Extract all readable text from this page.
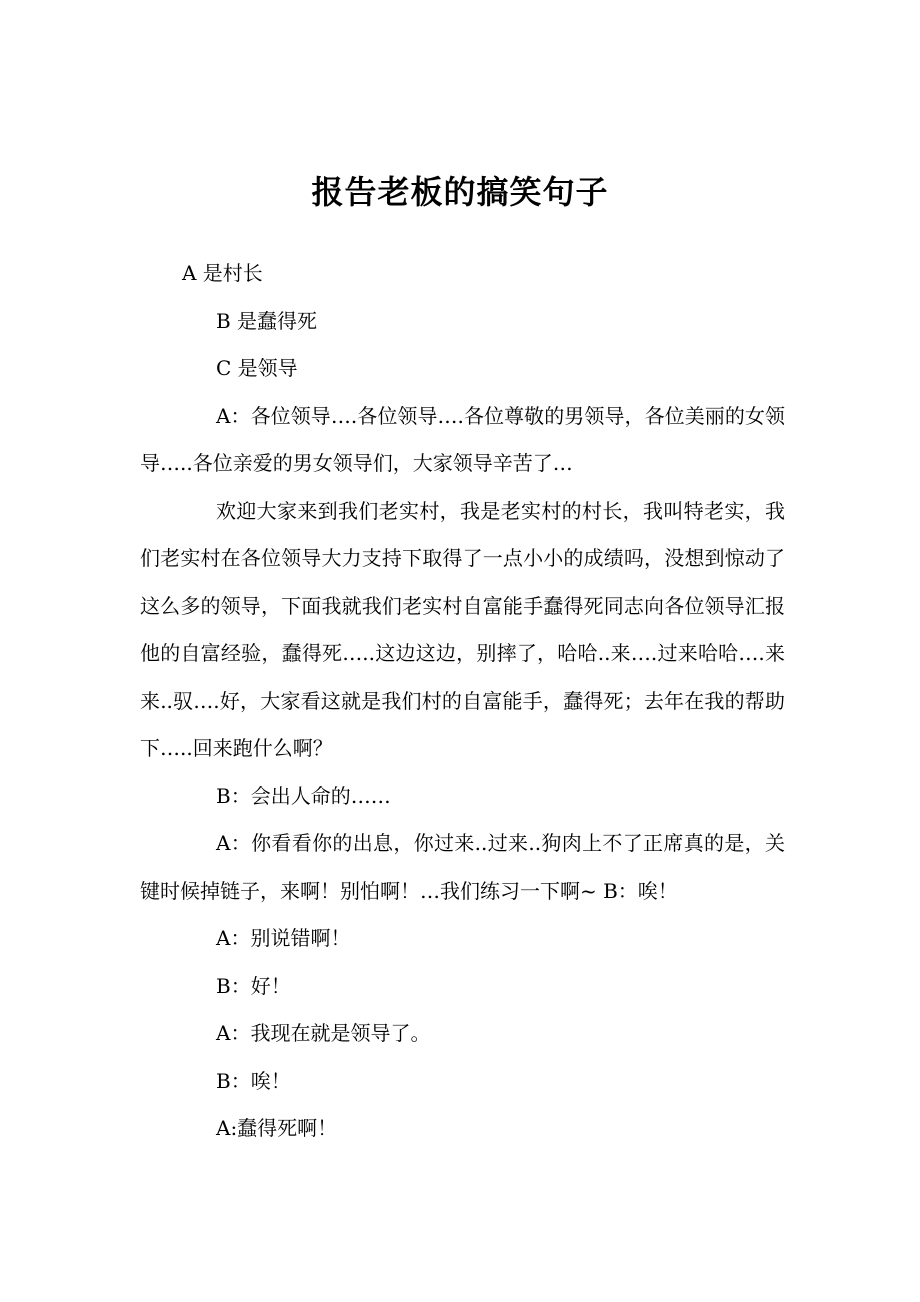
报告老板的搞笑句子

A 是村长

B 是蠢得死

C 是领导

A：各位领导….各位领导….各位尊敬的男领导，各位美丽的女领导…..各位亲爱的男女领导们，大家领导辛苦了…

欢迎大家来到我们老实村，我是老实村的村长，我叫特老实，我们老实村在各位领导大力支持下取得了一点小小的成绩吗，没想到惊动了这么多的领导，下面我就我们老实村自富能手蠢得死同志向各位领导汇报他的自富经验，蠢得死…..这边这边，别摔了，哈哈..来….过来哈哈….来来..驭….好，大家看这就是我们村的自富能手，蠢得死；去年在我的帮助下…..回来跑什么啊？

B：会出人命的……

A：你看看你的出息，你过来..过来..狗肉上不了正席真的是，关键时候掉链子，来啊！别怕啊！…我们练习一下啊~ B：唉！

A：别说错啊！

B：好！

A：我现在就是领导了。

B：唉！

A:蠢得死啊！
